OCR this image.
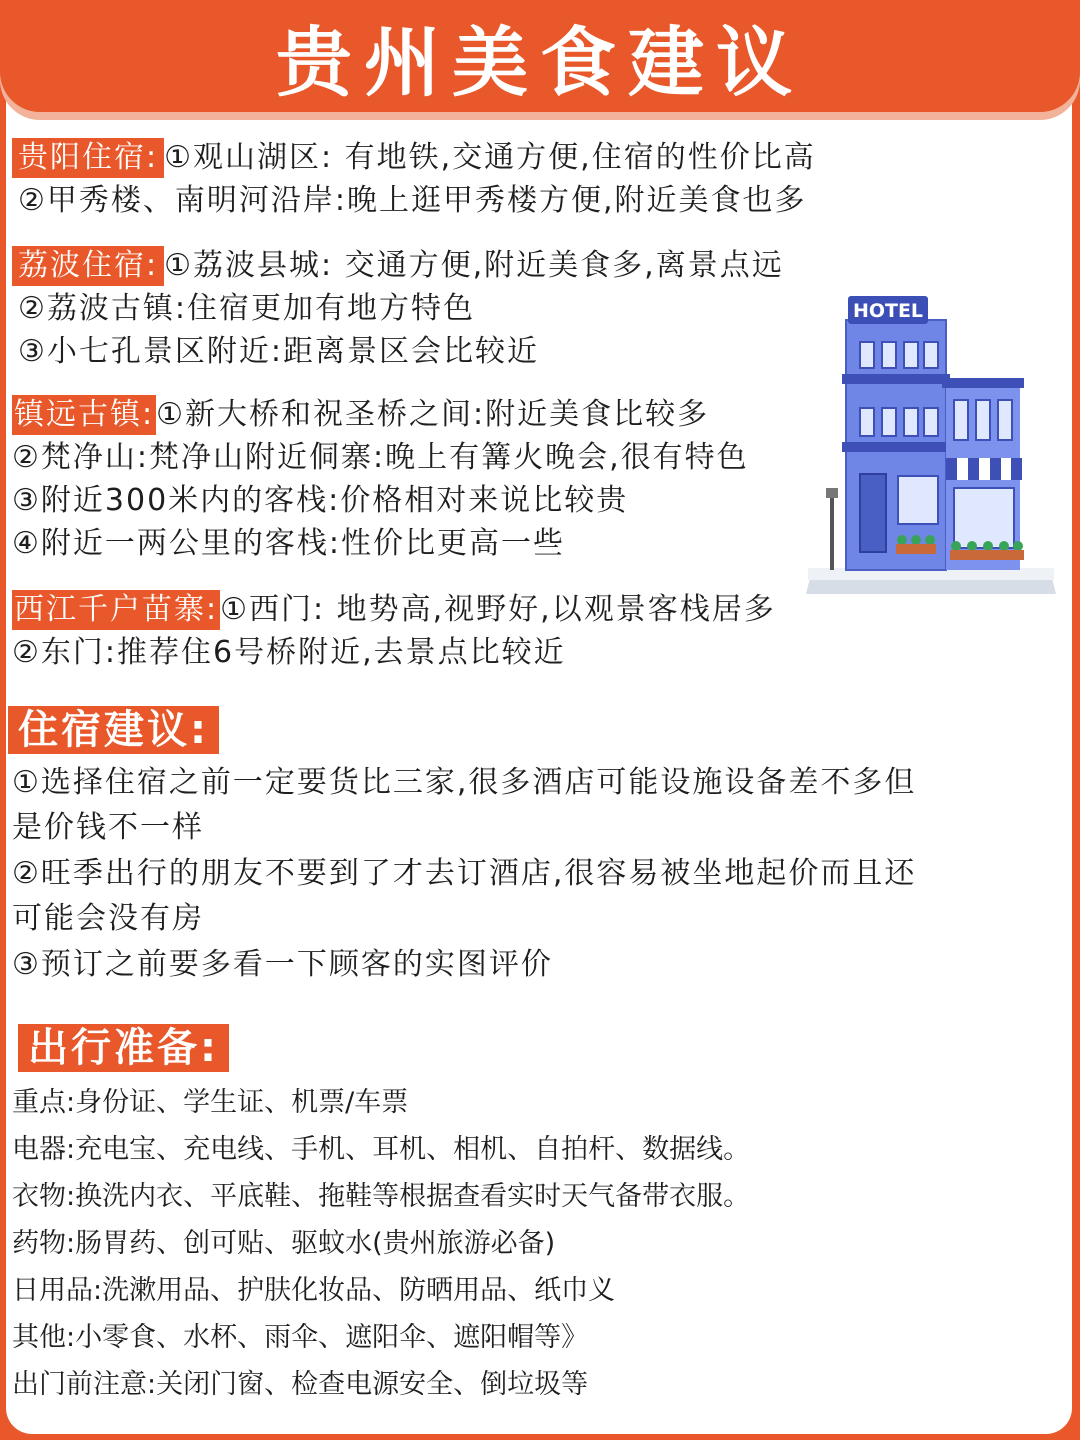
贵州美食建议
贵阳住宿: ①观山湖区: 有地铁,交通方便,住宿的性价比高
②甲秀楼、南明河沿岸:晚上逛甲秀楼方便,附近美食也多
荔波住宿: ①荔波县城: 交通方便,附近美食多,离景点远
②荔波古镇:住宿更加有地方特色
③小七孔景区附近:距离景区会比较近
镇远古镇:①新大桥和祝圣桥之间:附近美食比较多
②梵净山:梵净山附近侗寨:晚上有篝火晚会,很有特色
③附近300米内的客栈:价格相对来说比较贵
④附近一两公里的客栈:性价比更高一些
西江千户苗寨:①西门: 地势高,视野好,以观景客栈居多
②东门:推荐住6号桥附近,去景点比较近
HOTEL
住宿建议:
①选择住宿之前一定要货比三家,很多酒店可能设施设备差不多但
是价钱不一样
②旺季出行的朋友不要到了才去订酒店,很容易被坐地起价而且还
可能会没有房
③预订之前要多看一下顾客的实图评价
出行准备:
重点:身份证、学生证、机票/车票
电器:充电宝、充电线、手机、耳机、相机、自拍杆、数据线。
衣物:换洗内衣、平底鞋、拖鞋等根据查看实时天气备带衣服。
药物:肠胃药、创可贴、驱蚊水(贵州旅游必备)
日用品:洗漱用品、护肤化妆品、防晒用品、纸巾义
其他:小零食、水杯、雨伞、遮阳伞、遮阳帽等》
出门前注意:关闭门窗、检查电源安全、倒垃圾等
